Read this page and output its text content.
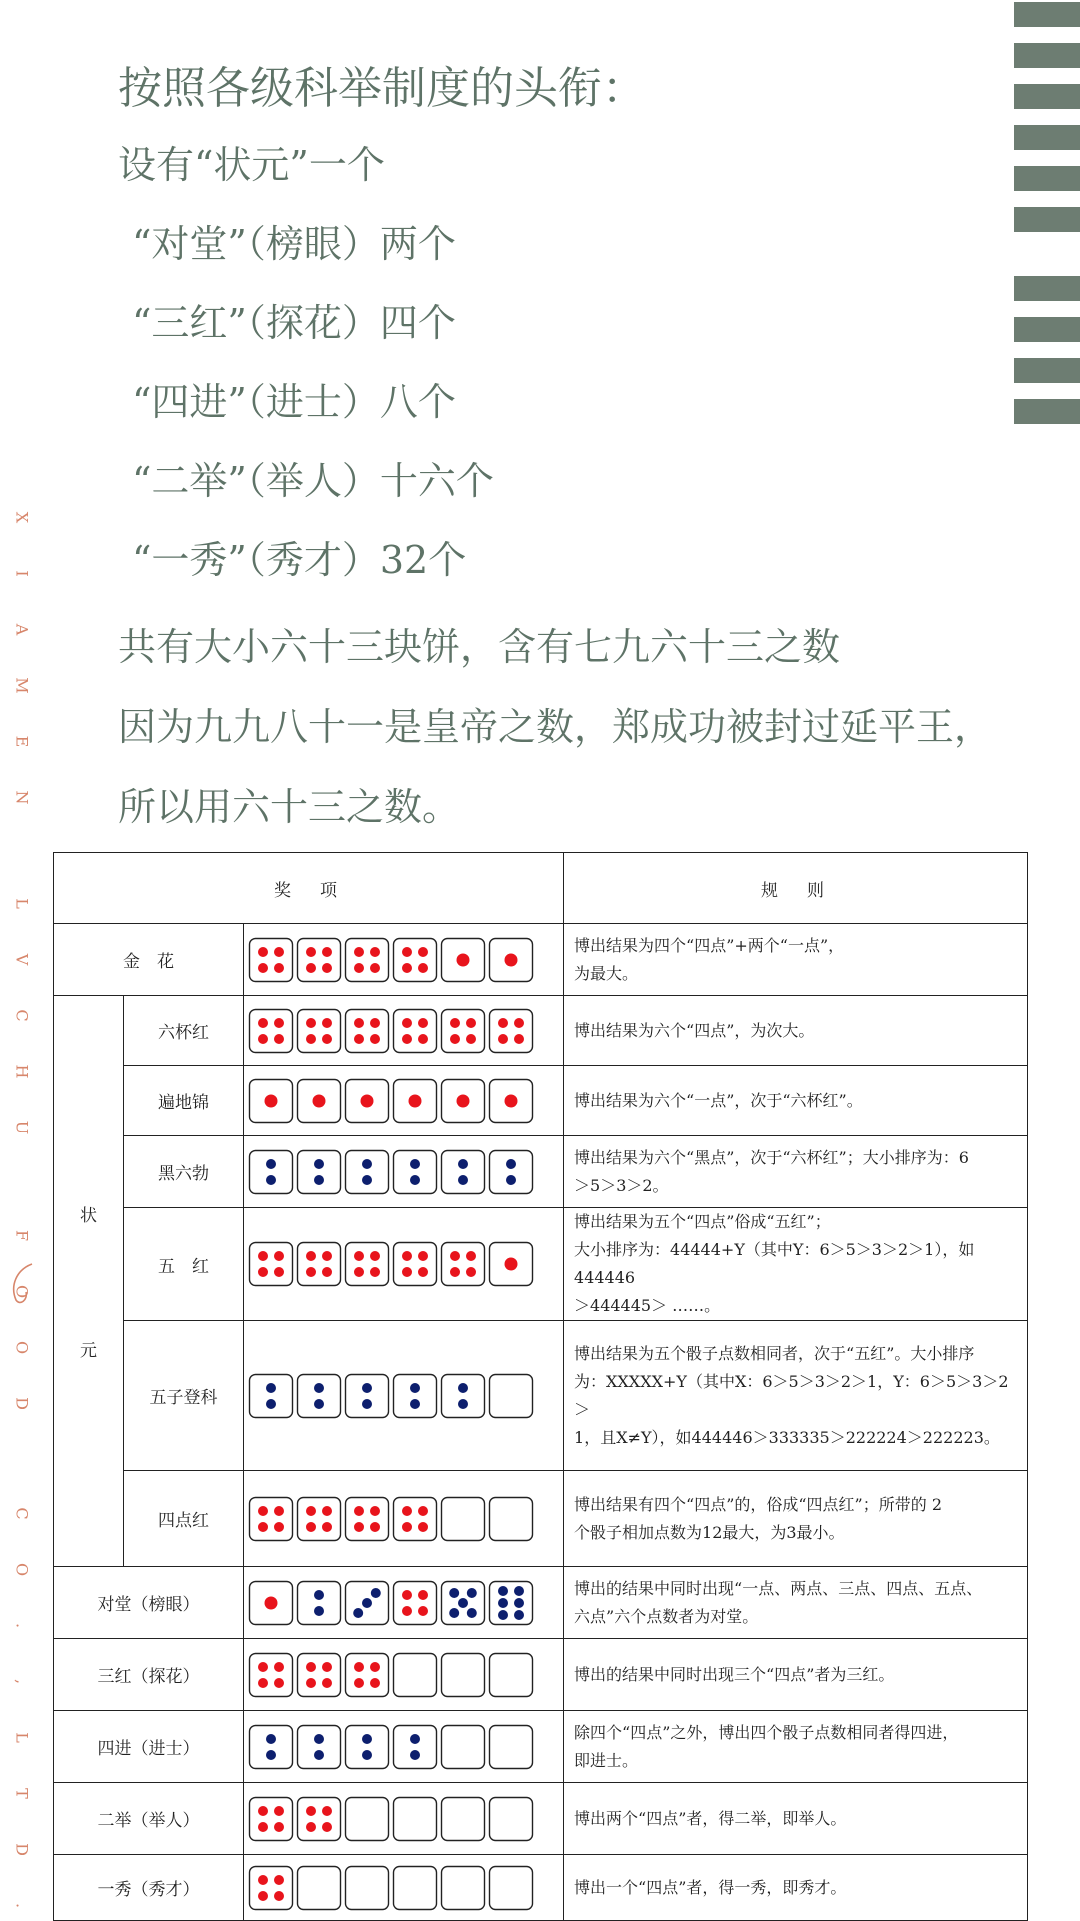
X
I
A
M
E
N
L
V
C
H
U
F
O
O
D
C
O
.
,
L
T
D
.
按照各级科举制度的头衔：
设有“状元”一个
“对堂”（榜眼）两个
“三红”（探花）四个
“四进”（进士）八个
“二举”（举人）十六个
“一秀”（秀才）32个
共有大小六十三块饼，含有七九六十三之数
因为九九八十一是皇帝之数，郑成功被封过延平王，
所以用六十三之数。
奖　项			规　则
金　花			博出结果为四个“四点”+两个“一点”，
为最大。

状
元	六杯红		博出结果为六个“四点”，为次大。

	遍地锦		博出结果为六个“一点”，次于“六杯红”。

	黑六勃		博出结果为六个“黑点”，次于“六杯红”；大小排序为：6
＞5＞3＞2。

	五　红		博出结果为五个“四点”俗成“五红”；
大小排序为：44444+Y（其中Y：6＞5＞3＞2＞1），如444446
＞444445＞ ……。

	五子登科		博出结果为五个骰子点数相同者，次于“五红”。大小排序
为：XXXXX+Y（其中X：6＞5＞3＞2＞1，Y：6＞5＞3＞2＞
1，且X≠Y），如444446＞333335＞222224＞222223。

	四点红		博出结果有四个“四点”的，俗成“四点红”；所带的 2
个骰子相加点数为12最大，为3最小。

对堂（榜眼）			博出的结果中同时出现“一点、两点、三点、四点、五点、
六点”六个点数者为对堂。

三红（探花）			博出的结果中同时出现三个“四点”者为三红。

四进（进士）			除四个“四点”之外，博出四个骰子点数相同者得四进，
即进士。

二举（举人）			博出两个“四点”者，得二举，即举人。

一秀（秀才）			博出一个“四点”者，得一秀，即秀才。
